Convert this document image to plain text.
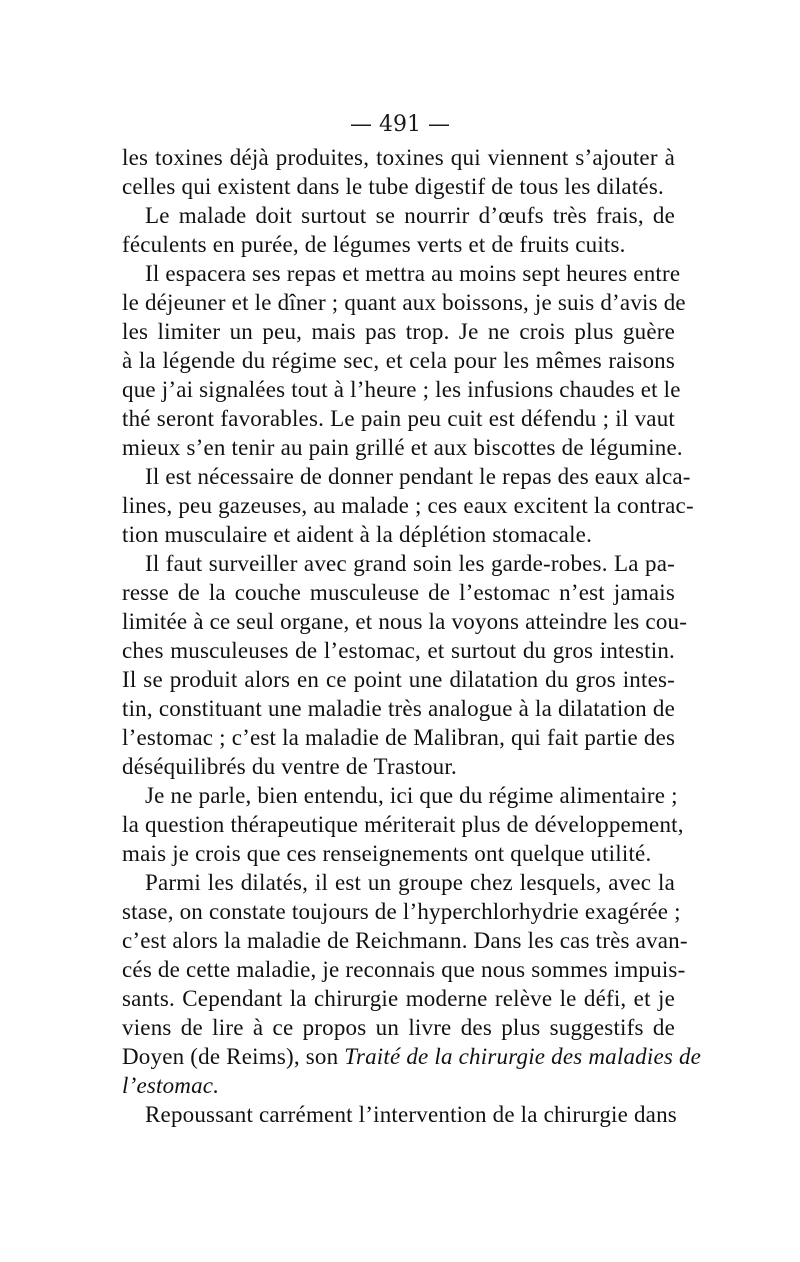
— 491 —
les toxines déjà produites, toxines qui viennent s’ajouter à
celles qui existent dans le tube digestif de tous les dilatés.
Le malade doit surtout se nourrir d’œufs très frais, de
féculents en purée, de légumes verts et de fruits cuits.
Il espacera ses repas et mettra au moins sept heures entre
le déjeuner et le dîner ; quant aux boissons, je suis d’avis de
les limiter un peu, mais pas trop. Je ne crois plus guère
à la légende du régime sec, et cela pour les mêmes raisons
que j’ai signalées tout à l’heure ; les infusions chaudes et le
thé seront favorables. Le pain peu cuit est défendu ; il vaut
mieux s’en tenir au pain grillé et aux biscottes de légumine.
Il est nécessaire de donner pendant le repas des eaux alca-
lines, peu gazeuses, au malade ; ces eaux excitent la contrac-
tion musculaire et aident à la déplétion stomacale.
Il faut surveiller avec grand soin les garde-robes. La pa-
resse de la couche musculeuse de l’estomac n’est jamais
limitée à ce seul organe, et nous la voyons atteindre les cou-
ches musculeuses de l’estomac, et surtout du gros intestin.
Il se produit alors en ce point une dilatation du gros intes-
tin, constituant une maladie très analogue à la dilatation de
l’estomac ; c’est la maladie de Malibran, qui fait partie des
déséquilibrés du ventre de Trastour.
Je ne parle, bien entendu, ici que du régime alimentaire ;
la question thérapeutique mériterait plus de développement,
mais je crois que ces renseignements ont quelque utilité.
Parmi les dilatés, il est un groupe chez lesquels, avec la
stase, on constate toujours de l’hyperchlorhydrie exagérée ;
c’est alors la maladie de Reichmann. Dans les cas très avan-
cés de cette maladie, je reconnais que nous sommes impuis-
sants. Cependant la chirurgie moderne relève le défi, et je
viens de lire à ce propos un livre des plus suggestifs de
Doyen (de Reims), son Traité de la chirurgie des maladies de
l’estomac.
Repoussant carrément l’intervention de la chirurgie dans
